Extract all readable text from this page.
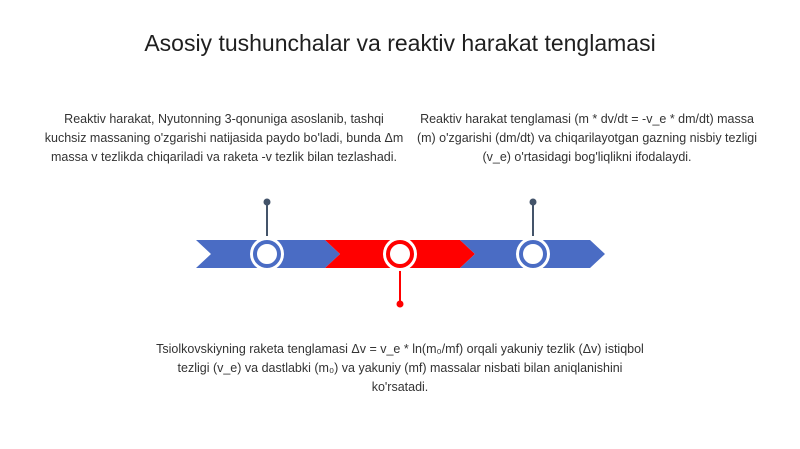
Asosiy tushunchalar va reaktiv harakat tenglamasi
Reaktiv harakat, Nyutonning 3-qonuniga asoslanib, tashqi kuchsiz massaning o'zgarishi natijasida paydo bo'ladi, bunda Δm massa v tezlikda chiqariladi va raketa -v tezlik bilan tezlashadi.
Reaktiv harakat tenglamasi (m * dv/dt = -v_e * dm/dt) massa (m) o'zgarishi (dm/dt) va chiqarilayotgan gazning nisbiy tezligi (v_e) o'rtasidagi bog'liqlikni ifodalaydi.
Tsiolkovskiyning raketa tenglamasi Δv = v_e * ln(m₀/mf) orqali yakuniy tezlik (Δv) istiqbol tezligi (v_e) va dastlabki (m₀) va yakuniy (mf) massalar nisbati bilan aniqlanishini ko'rsatadi.
